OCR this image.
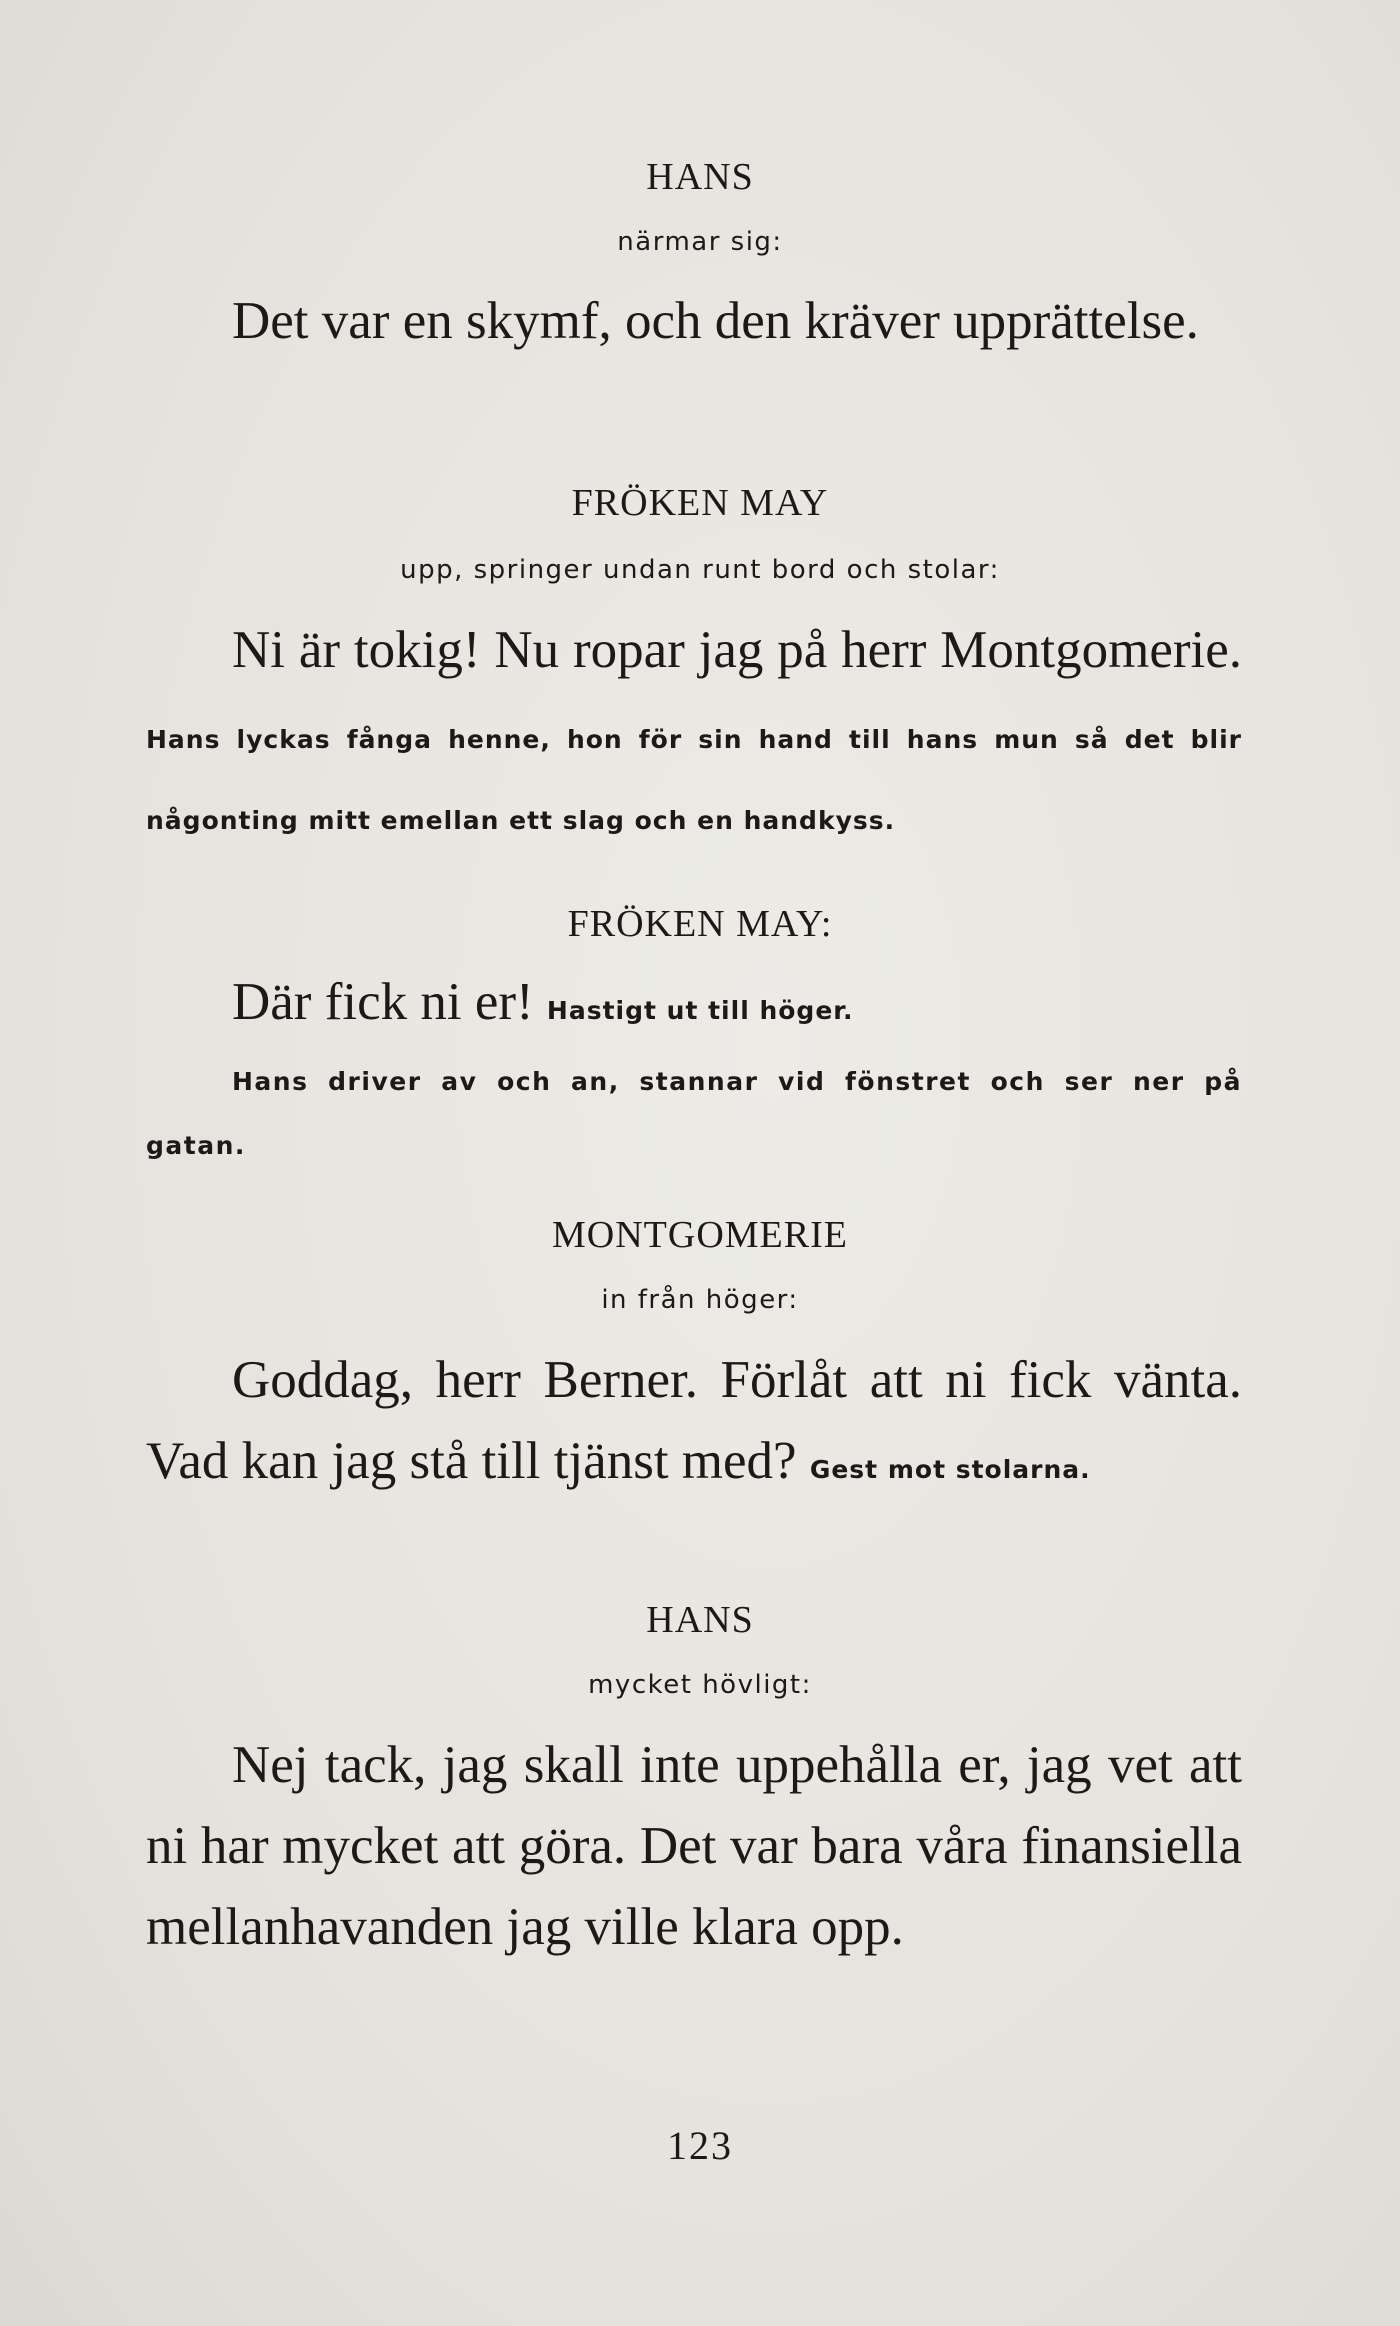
HANS
närmar sig:

Det var en skymf, och den kräver upprättelse.

FRÖKEN MAY
upp, springer undan runt bord och stolar:

Ni är tokig! Nu ropar jag på herr Montgomerie. Hans lyckas fånga henne, hon för sin hand till hans mun så det blir någonting mitt emellan ett slag och en handkyss.

FRÖKEN MAY:

Där fick ni er! Hastigt ut till höger.

Hans driver av och an, stannar vid fönstret och ser ner på gatan.

MONTGOMERIE
in från höger:

Goddag, herr Berner. Förlåt att ni fick vänta. Vad kan jag stå till tjänst med? Gest mot stolarna.

HANS
mycket hövligt:

Nej tack, jag skall inte uppehålla er, jag vet att ni har mycket att göra. Det var bara våra finansiella mellanhavanden jag ville klara opp.

123
